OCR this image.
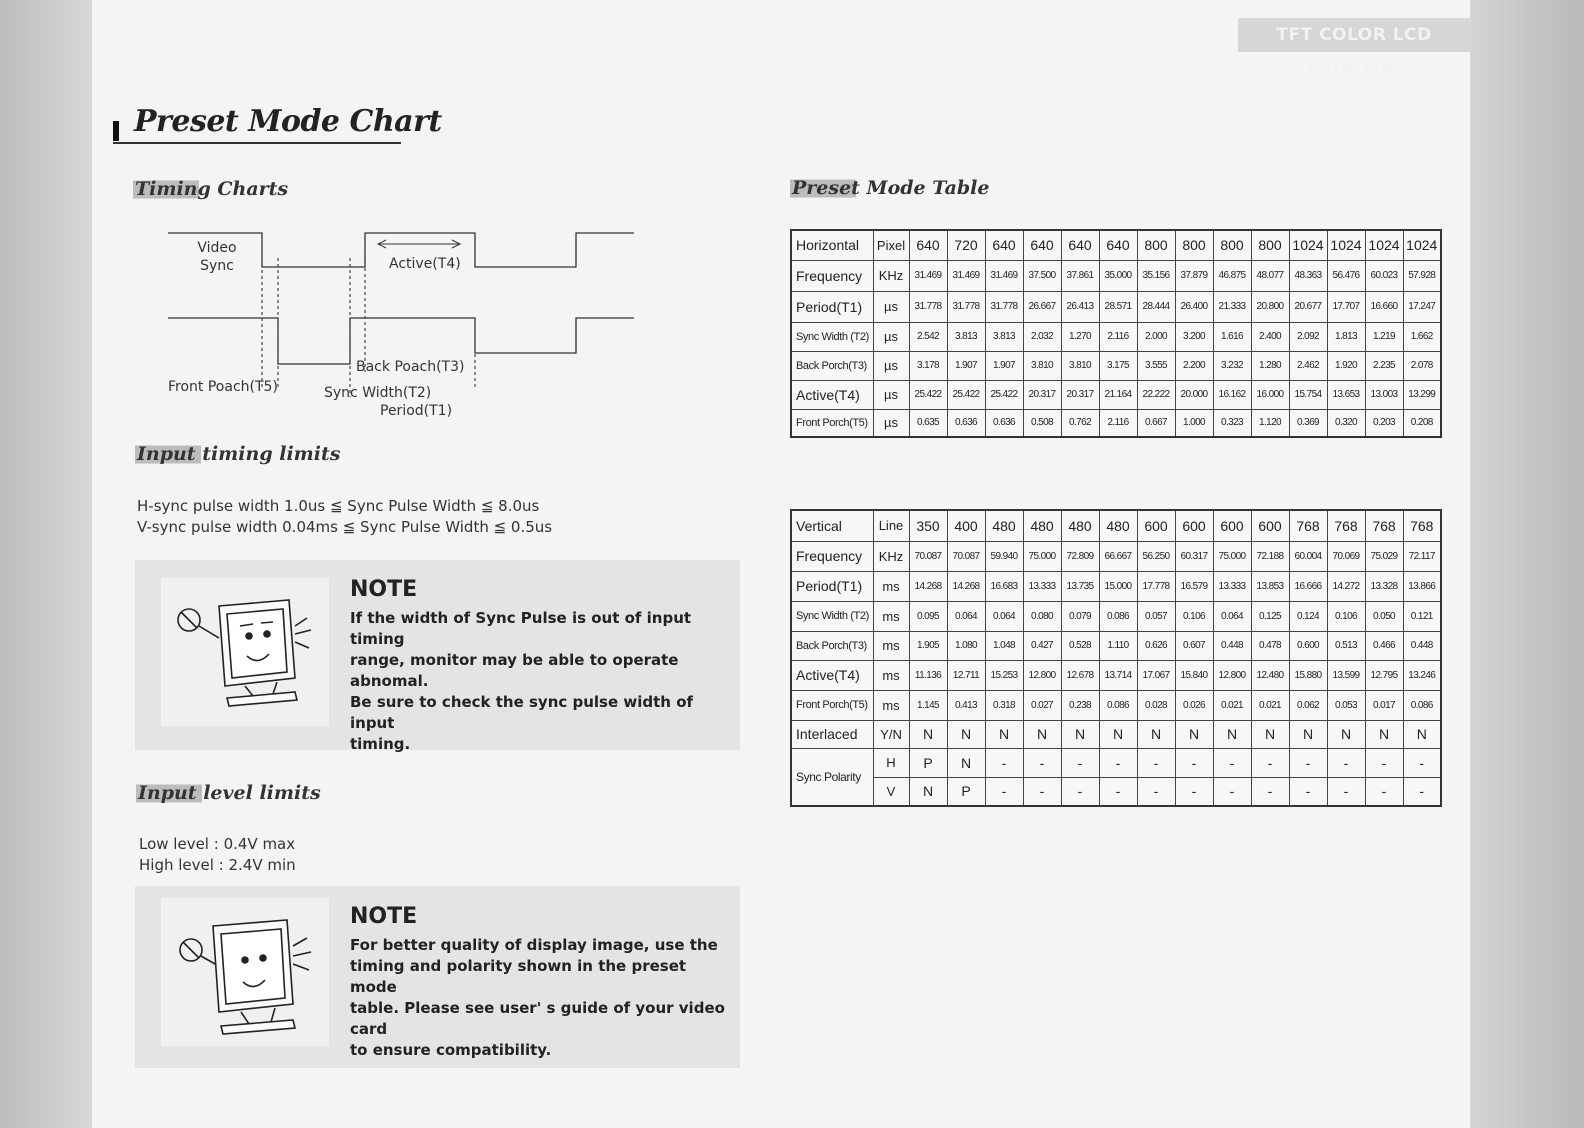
TFT COLOR LCD MONITOR
Preset Mode Chart
Timing Charts	Preset Mode Table
Input timing limits
Input level limits
Video
Sync	Active(T4)
Back Poach(T3)
Front Poach(T5)	Sync Width(T2)
Period(T1)
H-sync pulse width 1.0us ≦ Sync Pulse Width ≦ 8.0us
V-sync pulse width 0.04ms ≦ Sync Pulse Width ≦ 0.5us
NOTE
If the width of Sync Pulse is out of input timing
range, monitor may be able to operate abnomal.
Be sure to check the sync pulse width of input
timing.
Low level : 0.4V max
High level : 2.4V min
NOTE
For better quality of display image, use the
timing and polarity shown in the preset mode
table. Please see user' s guide of your video card
to ensure compatibility.
Horizontal	Pixel	640	720	640	640	640	640	800	800	800	800	1024	1024	1024	1024
Frequency	KHz	31.469	31.469	31.469	37.500	37.861	35.000	35.156	37.879	46.875	48.077	48.363	56.476	60.023	57.928
Period(T1)	µs	31.778	31.778	31.778	26.667	26.413	28.571	28.444	26.400	21.333	20.800	20.677	17.707	16.660	17.247
Sync Width (T2)	µs	2.542	3.813	3.813	2.032	1.270	2.116	2.000	3.200	1.616	2.400	2.092	1.813	1.219	1.662
Back Porch(T3)	µs	3.178	1.907	1.907	3.810	3.810	3.175	3.555	2.200	3.232	1.280	2.462	1.920	2.235	2.078
Active(T4)	µs	25.422	25.422	25.422	20.317	20.317	21.164	22.222	20.000	16.162	16.000	15.754	13.653	13.003	13.299
Front Porch(T5)	µs	0.635	0.636	0.636	0.508	0.762	2.116	0.667	1.000	0.323	1.120	0.369	0.320	0.203	0.208
Vertical	Line	350	400	480	480	480	480	600	600	600	600	768	768	768	768
Frequency	KHz	70.087	70.087	59.940	75.000	72.809	66.667	56.250	60.317	75.000	72.188	60.004	70.069	75.029	72.117
Period(T1)	ms	14.268	14.268	16.683	13.333	13.735	15.000	17.778	16.579	13.333	13.853	16.666	14.272	13.328	13.866
Sync Width (T2)	ms	0.095	0.064	0.064	0.080	0.079	0.086	0.057	0.106	0.064	0.125	0.124	0.106	0.050	0.121
Back Porch(T3)	ms	1.905	1.080	1.048	0.427	0.528	1.110	0.626	0.607	0.448	0.478	0.600	0.513	0.466	0.448
Active(T4)	ms	11.136	12.711	15.253	12.800	12.678	13.714	17.067	15.840	12.800	12.480	15.880	13.599	12.795	13.246
Front Porch(T5)	ms	1.145	0.413	0.318	0.027	0.238	0.086	0.028	0.026	0.021	0.021	0.062	0.053	0.017	0.086
Interlaced	Y/N	N	N	N	N	N	N	N	N	N	N	N	N	N	N
Sync Polarity	H	P	N	-	-	-	-	-	-	-	-	-	-	-	-
	V	N	P	-	-	-	-	-	-	-	-	-	-	-	-
